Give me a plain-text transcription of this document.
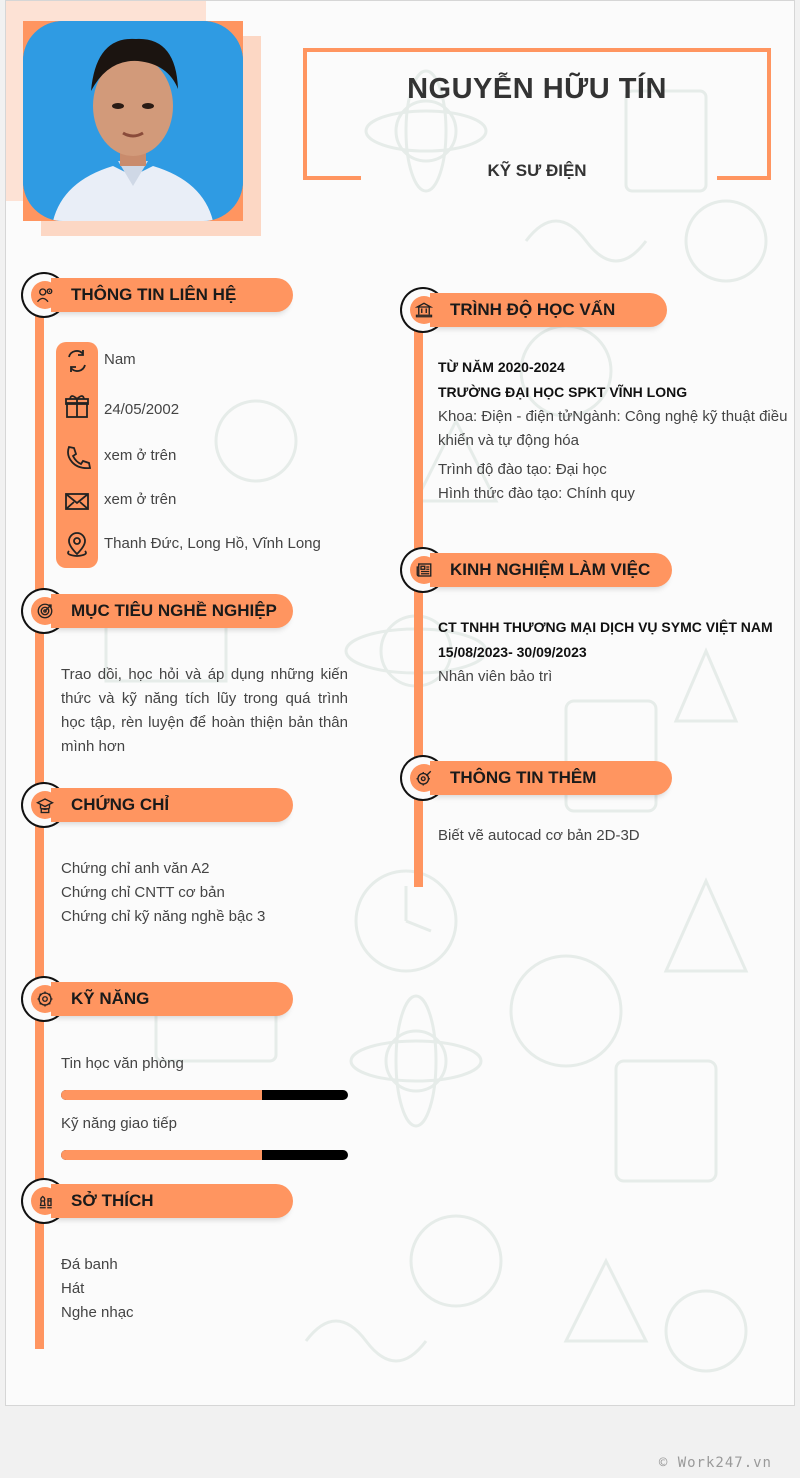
NGUYỄN HỮU TÍN
KỸ SƯ ĐIỆN
THÔNG TIN LIÊN HỆ
Nam
24/05/2002
xem ở trên
xem ở trên
Thanh Đức, Long Hồ, Vĩnh Long
MỤC TIÊU NGHỀ NGHIỆP
Trao dồi, học hỏi và áp dụng những kiến thức và kỹ năng tích lũy trong quá trình học tập, rèn luyện để hoàn thiện bản thân mình hơn
CHỨNG CHỈ
Chứng chỉ anh văn A2
Chứng chỉ CNTT cơ bản
Chứng chỉ kỹ năng nghề bậc 3
KỸ NĂNG
Tin học văn phòng
Kỹ năng giao tiếp
SỞ THÍCH
Đá banh
Hát
Nghe nhạc
TRÌNH ĐỘ HỌC VẤN
TỪ NĂM 2020-2024
TRƯỜNG ĐẠI HỌC SPKT VĨNH LONG
Khoa: Điện - điện tửNgành: Công nghệ kỹ thuật điều khiển và tự động hóa
Trình độ đào tạo: Đại học
Hình thức đào tạo: Chính quy
KINH NGHIỆM LÀM VIỆC
CT TNHH THƯƠNG MẠI DỊCH VỤ SYMC VIỆT NAM
15/08/2023- 30/09/2023
Nhân viên bảo trì
THÔNG TIN THÊM
Biết vẽ autocad cơ bản 2D-3D
© Work247.vn
